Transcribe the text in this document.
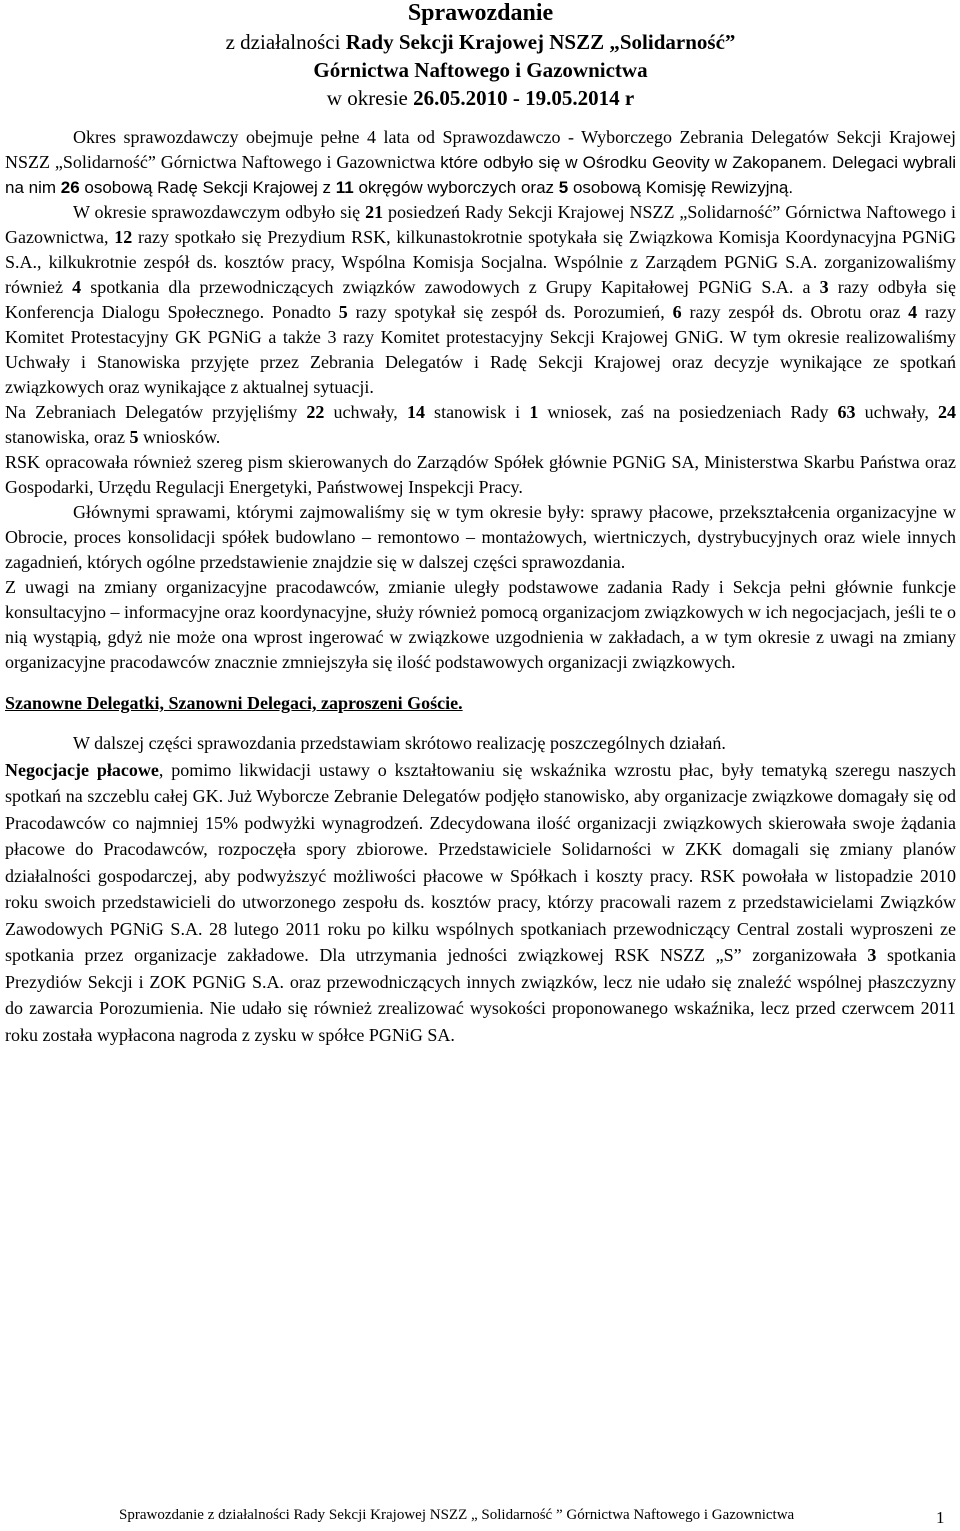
Sprawozdanie
z działalności Rady Sekcji Krajowej NSZZ „Solidarność”
Górnictwa Naftowego i Gazownictwa
w okresie 26.05.2010 - 19.05.2014 r

Okres sprawozdawczy obejmuje pełne 4 lata od Sprawozdawczo - Wyborczego Zebrania Delegatów Sekcji Krajowej NSZZ „Solidarność” Górnictwa Naftowego i Gazownictwa które odbyło się w Ośrodku Geovity w Zakopanem. Delegaci wybrali na nim 26 osobową Radę Sekcji Krajowej z 11 okręgów wyborczych oraz 5 osobową Komisję Rewizyjną.

W okresie sprawozdawczym odbyło się 21 posiedzeń Rady Sekcji Krajowej NSZZ „Solidarność” Górnictwa Naftowego i Gazownictwa, 12 razy spotkało się Prezydium RSK, kilkunastokrotnie spotykała się Związkowa Komisja Koordynacyjna PGNiG S.A., kilkukrotnie zespół ds. kosztów pracy, Wspólna Komisja Socjalna. Wspólnie z Zarządem PGNiG S.A. zorganizowaliśmy również 4 spotkania dla przewodniczących związków zawodowych z Grupy Kapitałowej PGNiG S.A. a 3 razy odbyła się Konferencja Dialogu Społecznego. Ponadto 5 razy spotykał się zespół ds. Porozumień, 6 razy zespół ds. Obrotu oraz 4 razy Komitet Protestacyjny GK PGNiG a także 3 razy Komitet protestacyjny Sekcji Krajowej GNiG. W tym okresie realizowaliśmy Uchwały i Stanowiska przyjęte przez Zebrania Delegatów i Radę Sekcji Krajowej oraz decyzje wynikające ze spotkań związkowych oraz wynikające z aktualnej sytuacji.

Na Zebraniach Delegatów przyjęliśmy 22 uchwały, 14 stanowisk i 1 wniosek, zaś na posiedzeniach Rady 63 uchwały, 24 stanowiska, oraz 5 wniosków.

RSK opracowała również szereg pism skierowanych do Zarządów Spółek głównie PGNiG SA, Ministerstwa Skarbu Państwa oraz Gospodarki, Urzędu Regulacji Energetyki, Państwowej Inspekcji Pracy.

Głównymi sprawami, którymi zajmowaliśmy się w tym okresie były: sprawy płacowe, przekształcenia organizacyjne w Obrocie, proces konsolidacji spółek budowlano – remontowo – montażowych, wiertniczych, dystrybucyjnych oraz wiele innych zagadnień, których ogólne przedstawienie znajdzie się w dalszej części sprawozdania.

Z uwagi na zmiany organizacyjne pracodawców, zmianie uległy podstawowe zadania Rady i Sekcja pełni głównie funkcje konsultacyjno – informacyjne oraz koordynacyjne, służy również pomocą organizacjom związkowych w ich negocjacjach, jeśli te o nią wystąpią, gdyż nie może ona wprost ingerować w związkowe uzgodnienia w zakładach, a w tym okresie z uwagi na zmiany organizacyjne pracodawców znacznie zmniejszyła się ilość podstawowych organizacji związkowych.

Szanowne Delegatki, Szanowni Delegaci, zaproszeni Goście.

W dalszej części sprawozdania przedstawiam skrótowo realizację poszczególnych działań.

Negocjacje płacowe, pomimo likwidacji ustawy o kształtowaniu się wskaźnika wzrostu płac, były tematyką szeregu naszych spotkań na szczeblu całej GK. Już Wyborcze Zebranie Delegatów podjęło stanowisko, aby organizacje związkowe domagały się od Pracodawców co najmniej 15% podwyżki wynagrodzeń. Zdecydowana ilość organizacji związkowych skierowała swoje żądania płacowe do Pracodawców, rozpoczęła spory zbiorowe. Przedstawiciele Solidarności w ZKK domagali się zmiany planów działalności gospodarczej, aby podwyższyć możliwości płacowe w Spółkach i koszty pracy. RSK powołała w listopadzie 2010 roku swoich przedstawicieli do utworzonego zespołu ds. kosztów pracy, którzy pracowali razem z przedstawicielami Związków Zawodowych PGNiG S.A. 28 lutego 2011 roku po kilku wspólnych spotkaniach przewodniczący Central zostali wyproszeni ze spotkania przez organizacje zakładowe. Dla utrzymania jedności związkowej RSK NSZZ „S” zorganizowała 3 spotkania Prezydiów Sekcji i ZOK PGNiG S.A. oraz przewodniczących innych związków, lecz nie udało się znaleźć wspólnej płaszczyzny do zawarcia Porozumienia. Nie udało się również zrealizować wysokości proponowanego wskaźnika, lecz przed czerwcem 2011 roku została wypłacona nagroda z zysku w spółce PGNiG SA.

Sprawozdanie z działalności Rady Sekcji Krajowej NSZZ „ Solidarność ” Górnictwa Naftowego i Gazownictwa	1
